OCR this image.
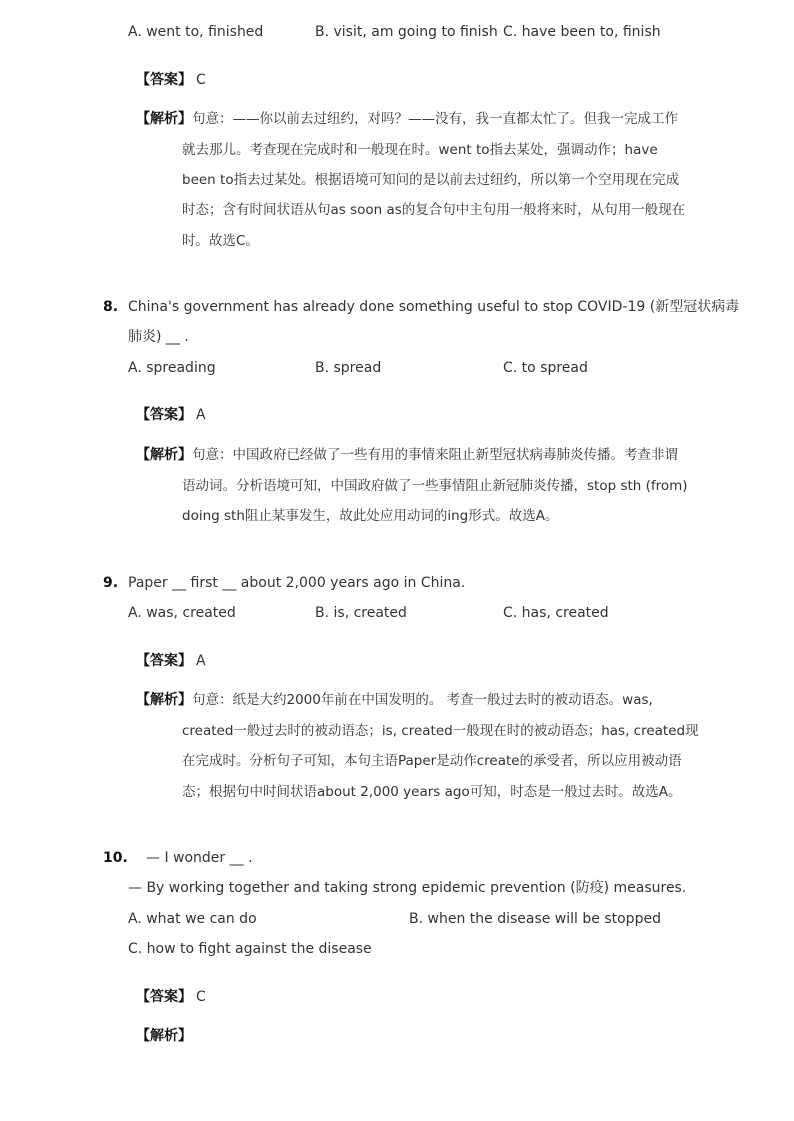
A. went to, finished	B. visit, am going to finish C. have been to, finish
【答案】 C
【解析】句意：——你以前去过纽约，对吗？——没有，我一直都太忙了。但我一完成工作
就去那儿。考查现在完成时和一般现在时。went to指去某处，强调动作；have
been to指去过某处。根据语境可知问的是以前去过纽约，所以第一个空用现在完成
时态；含有时间状语从句as soon as的复合句中主句用一般将来时，从句用一般现在
时。故选C。
8. China's government has already done something useful to stop COVID-19 (新型冠状病毒
肺炎) __ .
A. spreading	B. spread	C. to spread
【答案】 A
【解析】句意：中国政府已经做了一些有用的事情来阻止新型冠状病毒肺炎传播。考查非谓
语动词。分析语境可知，中国政府做了一些事情阻止新冠肺炎传播，stop sth (from)
doing sth阻止某事发生，故此处应用动词的ing形式。故选A。
9. Paper __ first __ about 2,000 years ago in China.
A. was, created	B. is, created	C. has, created
【答案】 A
【解析】句意：纸是大约2000年前在中国发明的。 考查一般过去时的被动语态。was,
created一般过去时的被动语态；is, created一般现在时的被动语态；has, created现
在完成时。分析句子可知，本句主语Paper是动作create的承受者，所以应用被动语
态；根据句中时间状语about 2,000 years ago可知，时态是一般过去时。故选A。
10. — I wonder __ .
— By working together and taking strong epidemic prevention (防疫) measures.
A. what we can do	B. when the disease will be stopped
C. how to fight against the disease
【答案】 C
【解析】
